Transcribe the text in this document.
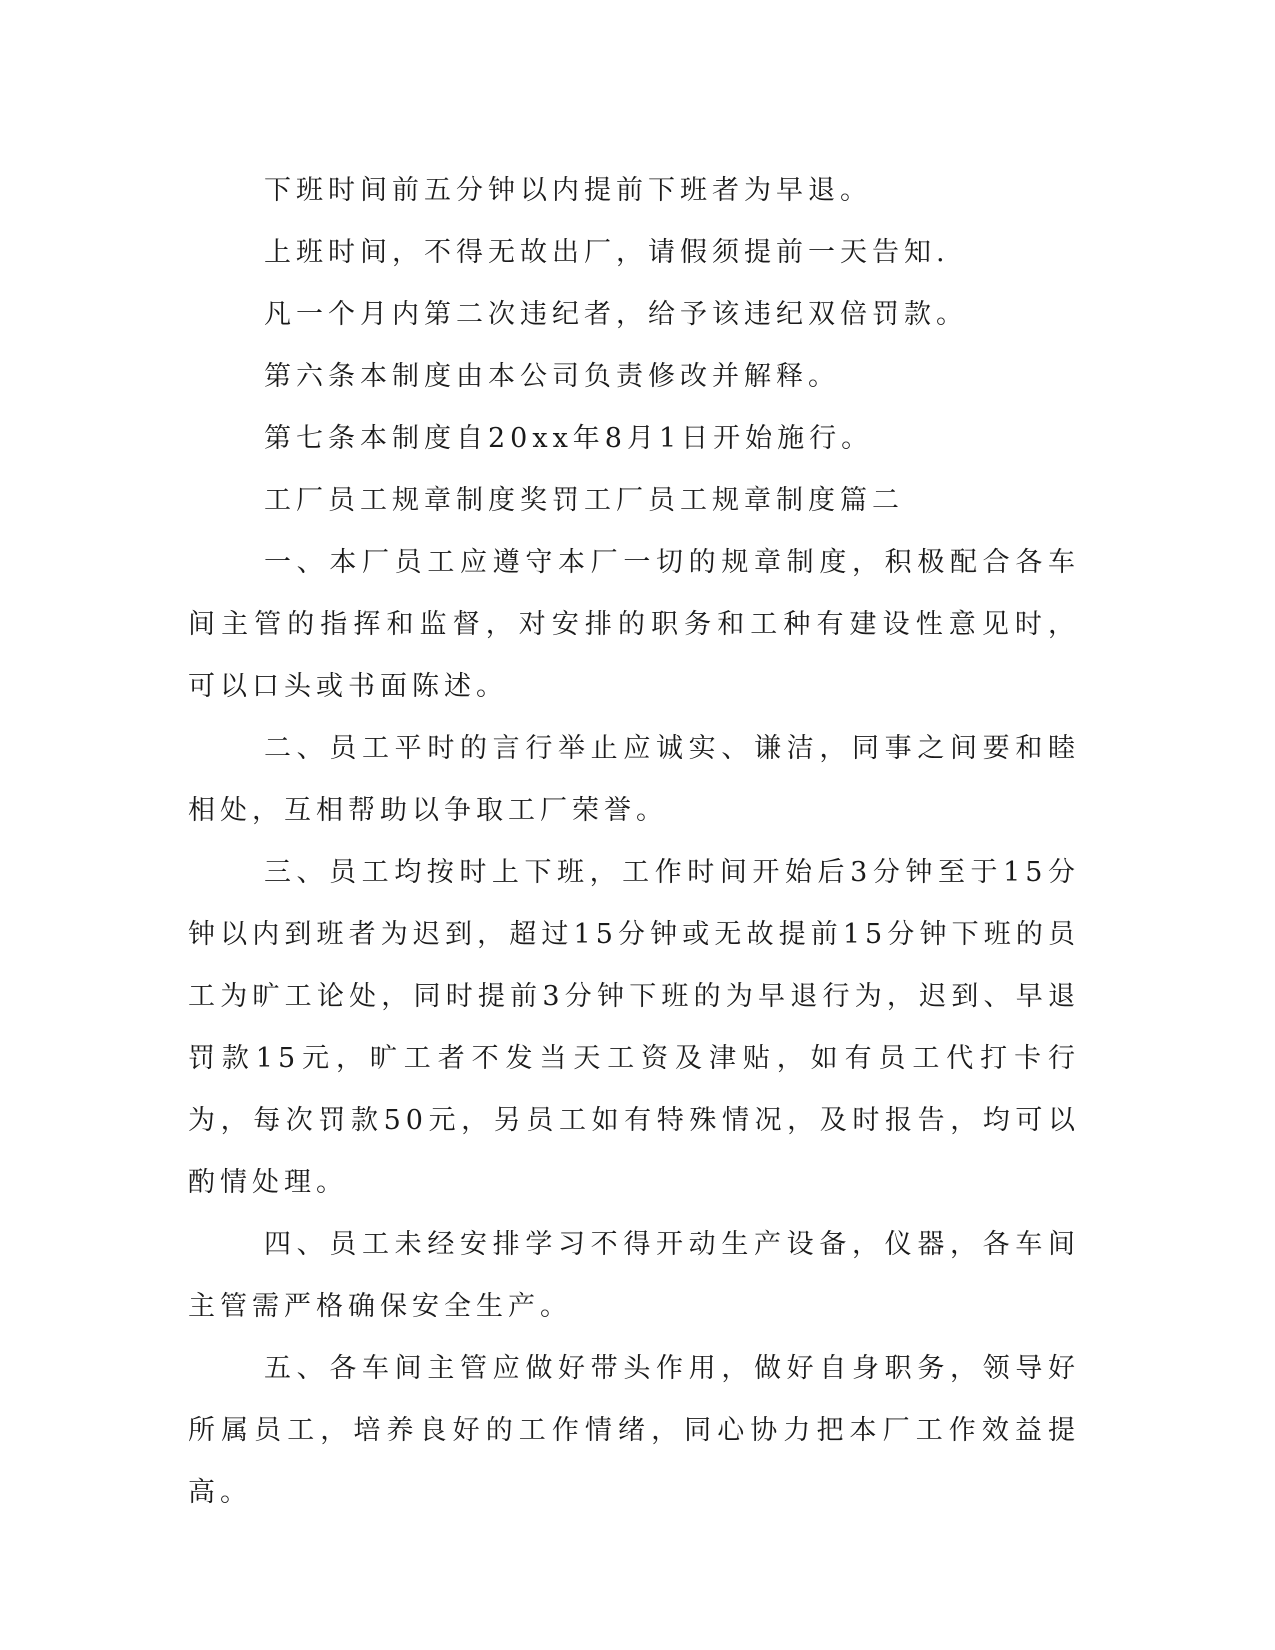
下班时间前五分钟以内提前下班者为早退。

上班时间，不得无故出厂，请假须提前一天告知.

凡一个月内第二次违纪者，给予该违纪双倍罚款。

第六条本制度由本公司负责修改并解释。

第七条本制度自20xx年8月1日开始施行。

工厂员工规章制度奖罚工厂员工规章制度篇二

一、本厂员工应遵守本厂一切的规章制度，积极配合各车间主管的指挥和监督，对安排的职务和工种有建设性意见时，可以口头或书面陈述。

二、员工平时的言行举止应诚实、谦洁，同事之间要和睦相处，互相帮助以争取工厂荣誉。

三、员工均按时上下班，工作时间开始后3分钟至于15分钟以内到班者为迟到，超过15分钟或无故提前15分钟下班的员工为旷工论处，同时提前3分钟下班的为早退行为，迟到、早退罚款15元，旷工者不发当天工资及津贴，如有员工代打卡行为，每次罚款50元，另员工如有特殊情况，及时报告，均可以酌情处理。

四、员工未经安排学习不得开动生产设备，仪器，各车间主管需严格确保安全生产。

五、各车间主管应做好带头作用，做好自身职务，领导好所属员工，培养良好的工作情绪，同心协力把本厂工作效益提高。
